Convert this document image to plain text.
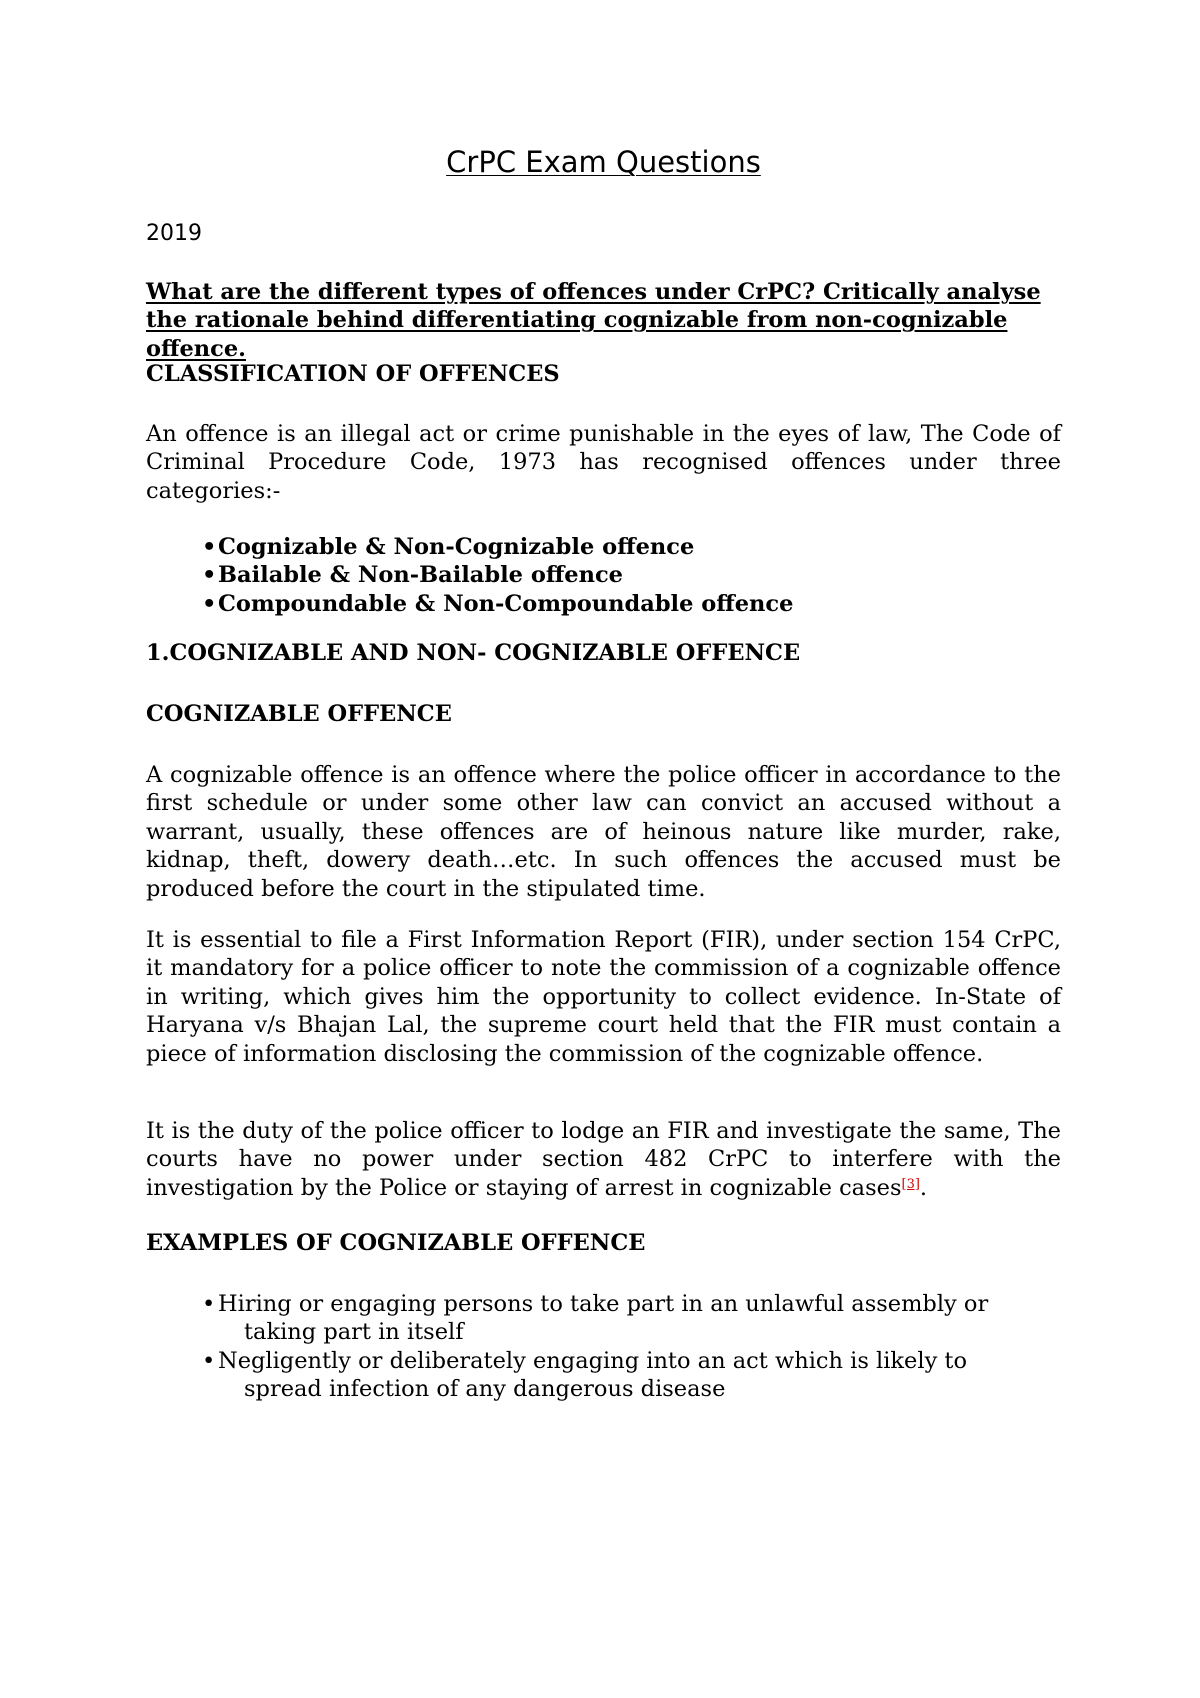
CrPC Exam Questions
2019

What are the different types of offences under CrPC? Critically analyse the rationale behind differentiating cognizable from non-cognizable offence.

CLASSIFICATION OF OFFENCES

An offence is an illegal act or crime punishable in the eyes of law, The Code of Criminal Procedure Code, 1973 has recognised offences under three categories:-

• Cognizable & Non-Cognizable offence
• Bailable & Non-Bailable offence
• Compoundable & Non-Compoundable offence

1.COGNIZABLE AND NON- COGNIZABLE OFFENCE

COGNIZABLE OFFENCE

A cognizable offence is an offence where the police officer in accordance to the first schedule or under some other law can convict an accused without a warrant, usually, these offences are of heinous nature like murder, rake, kidnap, theft, dowery death…etc. In such offences the accused must be produced before the court in the stipulated time.

It is essential to file a First Information Report (FIR), under section 154 CrPC, it mandatory for a police officer to note the commission of a cognizable offence in writing, which gives him the opportunity to collect evidence. In-State of Haryana v/s Bhajan Lal, the supreme court held that the FIR must contain a piece of information disclosing the commission of the cognizable offence.

It is the duty of the police officer to lodge an FIR and investigate the same, The courts have no power under section 482 CrPC to interfere with the investigation by the Police or staying of arrest in cognizable cases[3].

EXAMPLES OF COGNIZABLE OFFENCE

• Hiring or engaging persons to take part in an unlawful assembly or
taking part in itself
• Negligently or deliberately engaging into an act which is likely to
spread infection of any dangerous disease
